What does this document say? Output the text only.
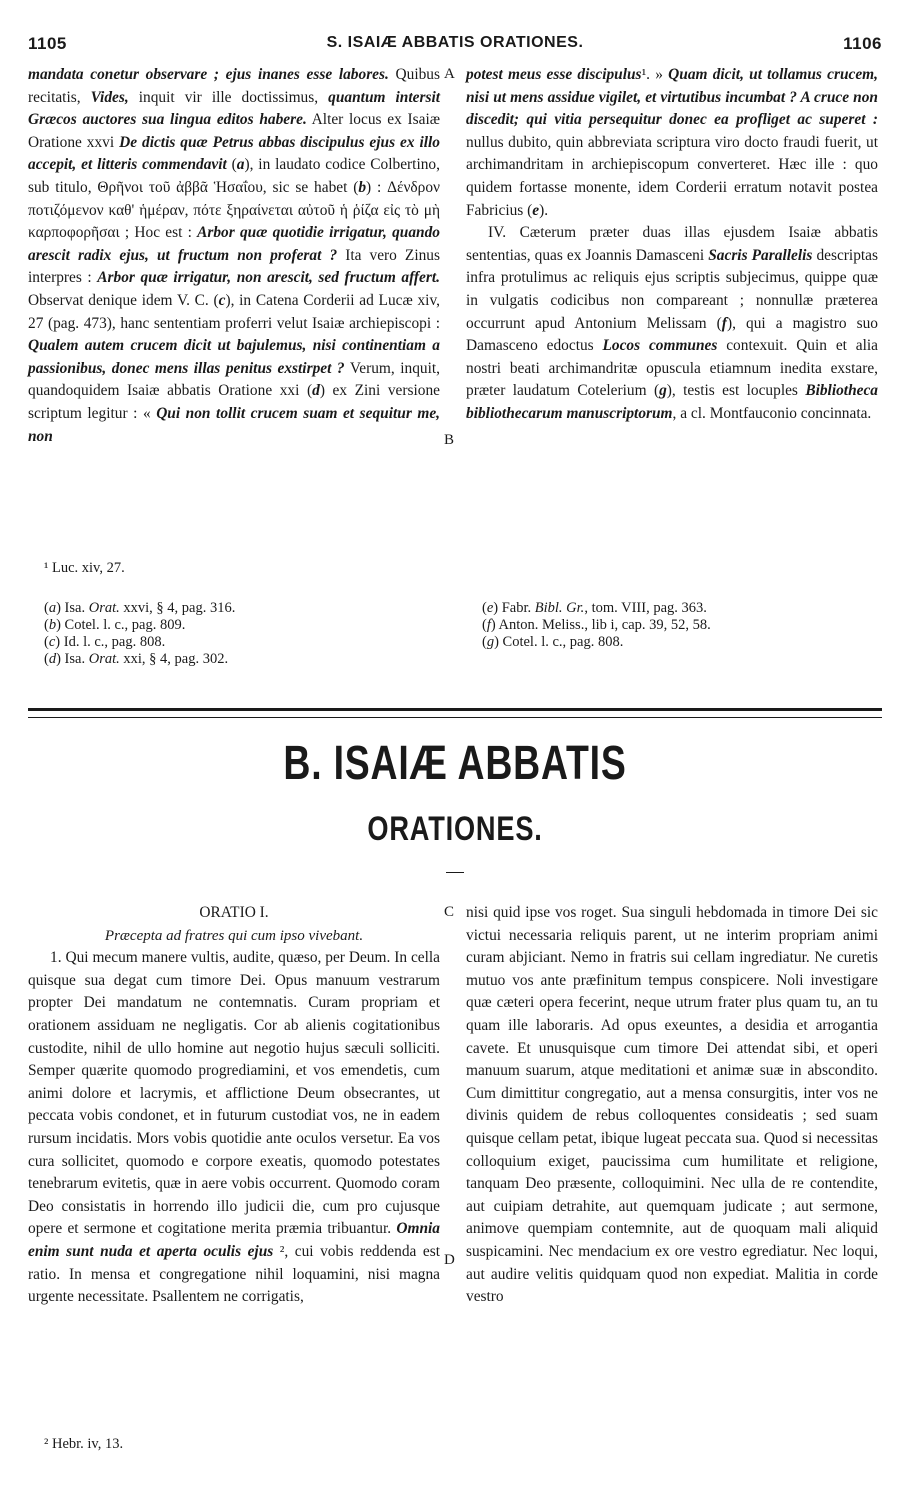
1105	S. ISAIÆ ABBATIS ORATIONES.	1106

mandata conetur observare ; ejus inanes esse labores. Quibus recitatis, Vides, inquit vir ille doctissimus, quantum intersit Græcos auctores sua lingua editos habere. Alter locus ex Isaiæ Oratione xxvi De dictis quæ Petrus abbas discipulus ejus ex illo accepit, et litteris commendavit (a), in laudato codice Colbertino, sub titulo, Θρῆνοι τοῦ ἀββᾶ Ἡσαΐου, sic se habet (b) : Δένδρον ποτιζόμενον καθ' ἡμέραν, πότε ξηραίνεται αὐτοῦ ἡ ῥίζα εἰς τὸ μὴ καρποφορῆσαι ; Hoc est : Arbor quæ quotidie irrigatur, quando arescit radix ejus, ut fructum non proferat ? Ita vero Zinus interpres : Arbor quæ irrigatur, non arescit, sed fructum affert. Observat denique idem V. C. (c), in Catena Corderii ad Lucæ xiv, 27 (pag. 473), hanc sententiam proferri velut Isaiæ archiepiscopi : Qualem autem crucem dicit ut bajulemus, nisi continentiam a passionibus, donec mens illas penitus exstirpet ? Verum, inquit, quandoquidem Isaiæ abbatis Oratione xxi (d) ex Zini versione scriptum legitur : « Qui non tollit crucem suam et sequitur me, non

potest meus esse discipulus¹. » Quam dicit, ut tollamus crucem, nisi ut mens assidue vigilet, et virtutibus incumbat ? A cruce non discedit; qui vitia persequitur donec ea profliget ac superet : nullus dubito, quin abbreviata scriptura viro docto fraudi fuerit, ut archimandritam in archiepiscopum converteret. Hæc ille : quo quidem fortasse monente, idem Corderii erratum notavit postea Fabricius (e).

IV. Cæterum præter duas illas ejusdem Isaiæ abbatis sententias, quas ex Joannis Damasceni Sacris Parallelis descriptas infra protulimus ac reliquis ejus scriptis subjecimus, quippe quæ in vulgatis codicibus non compareant ; nonnullæ præterea occurrunt apud Antonium Melissam (f), qui a magistro suo Damasceno edoctus Locos communes contexuit. Quin et alia nostri beati archimandritæ opuscula etiamnum inedita exstare, præter laudatum Cotelerium (g), testis est locuples Bibliotheca bibliothecarum manuscriptorum, a cl. Montfauconio concinnata.

A
B
¹ Luc. xiv, 27.
(a) Isa. Orat. xxvi, § 4, pag. 316.
(b) Cotel. l. c., pag. 809.
(c) Id. l. c., pag. 808.
(d) Isa. Orat. xxi, § 4, pag. 302.
(e) Fabr. Bibl. Gr., tom. VIII, pag. 363.
(f) Anton. Meliss., lib i, cap. 39, 52, 58.
(g) Cotel. l. c., pag. 808.
B. ISAIÆ ABBATIS
ORATIONES.
ORATIO I.
Præcepta ad fratres qui cum ipso vivebant.

1. Qui mecum manere vultis, audite, quæso, per Deum. In cella quisque sua degat cum timore Dei. Opus manuum vestrarum propter Dei mandatum ne contemnatis. Curam propriam et orationem assiduam ne negligatis. Cor ab alienis cogitationibus custodite, nihil de ullo homine aut negotio hujus sæculi solliciti. Semper quærite quomodo progrediamini, et vos emendetis, cum animi dolore et lacrymis, et afflictione Deum obsecrantes, ut peccata vobis condonet, et in futurum custodiat vos, ne in eadem rursum incidatis. Mors vobis quotidie ante oculos versetur. Ea vos cura sollicitet, quomodo e corpore exeatis, quomodo potestates tenebrarum evitetis, quæ in aere vobis occurrent. Quomodo coram Deo consistatis in horrendo illo judicii die, cum pro cujusque opere et sermone et cogitatione merita præmia tribuantur. Omnia enim sunt nuda et aperta oculis ejus ², cui vobis reddenda est ratio. In mensa et congregatione nihil loquamini, nisi magna urgente necessitate. Psallentem ne corrigatis,

nisi quid ipse vos roget. Sua singuli hebdomada in timore Dei sic victui necessaria reliquis parent, ut ne interim propriam animi curam abjiciant. Nemo in fratris sui cellam ingrediatur. Ne curetis mutuo vos ante præfinitum tempus conspicere. Noli investigare quæ cæteri opera fecerint, neque utrum frater plus quam tu, an tu quam ille laboraris. Ad opus exeuntes, a desidia et arrogantia cavete. Et unusquisque cum timore Dei attendat sibi, et operi manuum suarum, atque meditationi et animæ suæ in abscondito. Cum dimittitur congregatio, aut a mensa consurgitis, inter vos ne divinis quidem de rebus colloquentes consideatis ; sed suam quisque cellam petat, ibique lugeat peccata sua. Quod si necessitas colloquium exiget, paucissima cum humilitate et religione, tanquam Deo præsente, colloquimini. Nec ulla de re contendite, aut cuipiam detrahite, aut quemquam judicate ; aut sermone, animove quempiam contemnite, aut de quoquam mali aliquid suspicamini. Nec mendacium ex ore vestro egrediatur. Nec loqui, aut audire velitis quidquam quod non expediat. Malitia in corde vestro

C
D
² Hebr. iv, 13.
